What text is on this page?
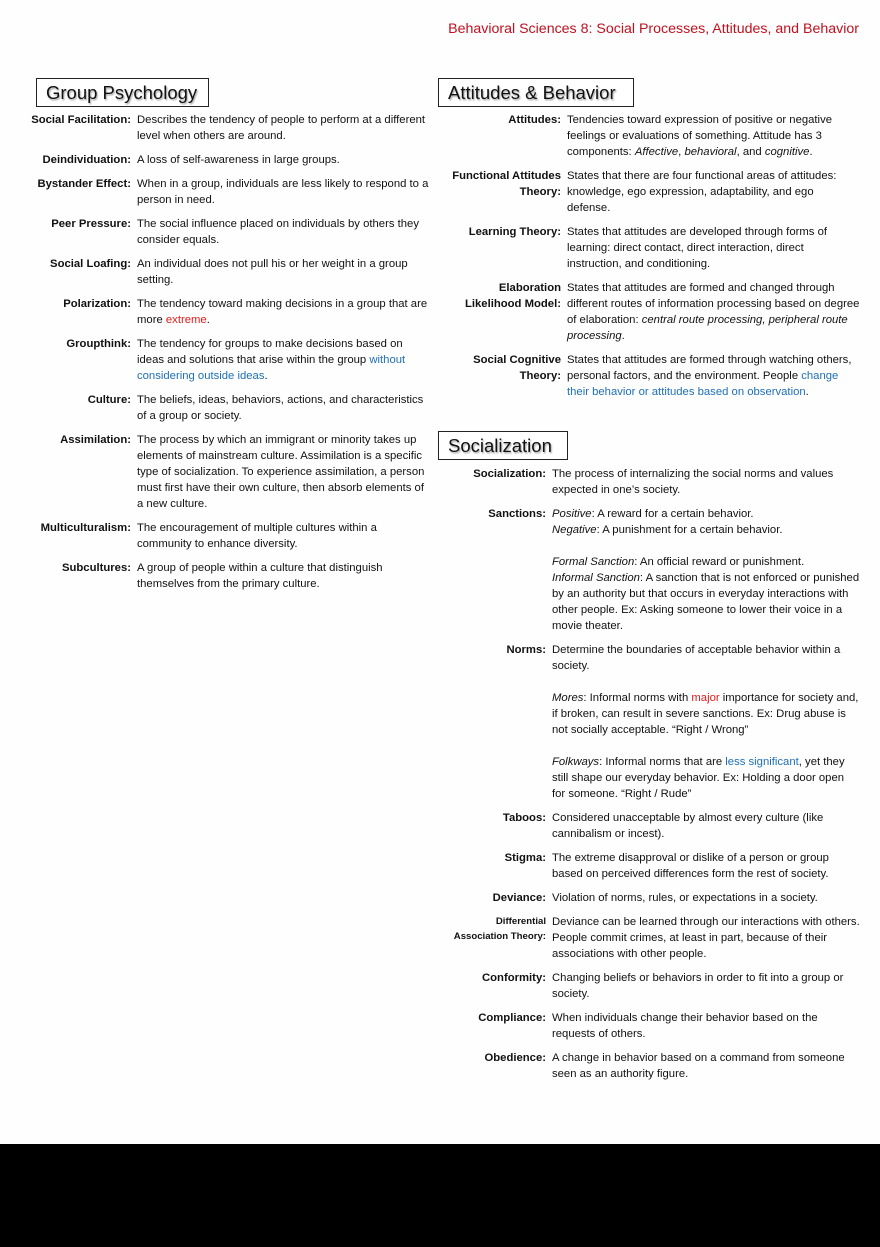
Behavioral Sciences 8: Social Processes, Attitudes, and Behavior
Group Psychology
Social Facilitation: Describes the tendency of people to perform at a different level when others are around.
Deindividuation: A loss of self-awareness in large groups.
Bystander Effect: When in a group, individuals are less likely to respond to a person in need.
Peer Pressure: The social influence placed on individuals by others they consider equals.
Social Loafing: An individual does not pull his or her weight in a group setting.
Polarization: The tendency toward making decisions in a group that are more extreme.
Groupthink: The tendency for groups to make decisions based on ideas and solutions that arise within the group without considering outside ideas.
Culture: The beliefs, ideas, behaviors, actions, and characteristics of a group or society.
Assimilation: The process by which an immigrant or minority takes up elements of mainstream culture. Assimilation is a specific type of socialization. To experience assimilation, a person must first have their own culture, then absorb elements of a new culture.
Multiculturalism: The encouragement of multiple cultures within a community to enhance diversity.
Subcultures: A group of people within a culture that distinguish themselves from the primary culture.
Attitudes & Behavior
Attitudes: Tendencies toward expression of positive or negative feelings or evaluations of something. Attitude has 3 components: Affective, behavioral, and cognitive.
Functional Attitudes Theory:
States that there are four functional areas of attitudes: knowledge, ego expression, adaptability, and ego defense.
Learning Theory: States that attitudes are developed through forms of learning: direct contact, direct interaction, direct instruction, and conditioning.
Elaboration Likelihood Model:
States that attitudes are formed and changed through different routes of information processing based on degree of elaboration: central route processing, peripheral route processing.
Social Cognitive Theory:
States that attitudes are formed through watching others, personal factors, and the environment. People change their behavior or attitudes based on observation.
Socialization
Socialization: The process of internalizing the social norms and values expected in one’s society.
Sanctions: Positive: A reward for a certain behavior.
Negative: A punishment for a certain behavior.
Formal Sanction: An official reward or punishment.
Informal Sanction: A sanction that is not enforced or punished by an authority but that occurs in everyday interactions with other people. Ex: Asking someone to lower their voice in a movie theater.
Norms: Determine the boundaries of acceptable behavior within a society.
Mores: Informal norms with major importance for society and, if broken, can result in severe sanctions. Ex: Drug abuse is not socially acceptable. “Right / Wrong”
Folkways: Informal norms that are less significant, yet they still shape our everyday behavior. Ex: Holding a door open for someone. “Right / Rude”
Taboos: Considered unacceptable by almost every culture (like cannibalism or incest).
Stigma: The extreme disapproval or dislike of a person or group based on perceived differences form the rest of society.
Deviance: Violation of norms, rules, or expectations in a society.
Differential Association Theory:
Deviance can be learned through our interactions with others. People commit crimes, at least in part, because of their associations with other people.
Conformity: Changing beliefs or behaviors in order to fit into a group or society.
Compliance: When individuals change their behavior based on the requests of others.
Obedience: A change in behavior based on a command from someone seen as an authority figure.
